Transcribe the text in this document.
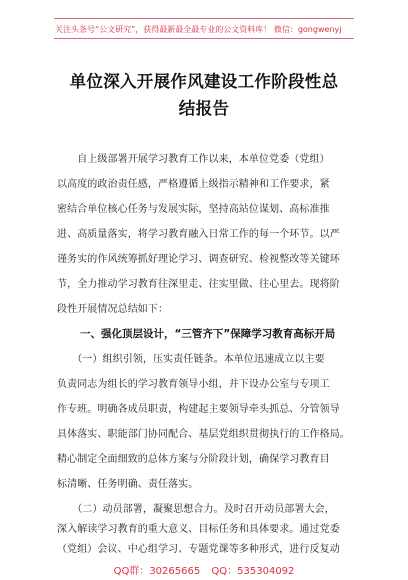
关注头条号“公文研究”，获得最新最全最专业的公文资料库！ 微信：gongwenyj
单位深入开展作风建设工作阶段性总
结报告
　　自上级部署开展学习教育工作以来，本单位党委（党组）
以高度的政治责任感，严格遵循上级指示精神和工作要求，紧
密结合单位核心任务与发展实际，坚持高站位谋划、高标准推
进、高质量落实，将学习教育融入日常工作的每一个环节。以严
谨务实的作风统筹抓好理论学习、调查研究、检视整改等关键环
节，全力推动学习教育往深里走、往实里做、往心里去。现将阶
段性开展情况总结如下：
一、强化顶层设计，“三管齐下”保障学习教育高标开局
　　（一）组织引领，压实责任链条。本单位迅速成立以主要
负责同志为组长的学习教育领导小组，并下设办公室与专项工
作专班。明确各成员职责，构建起主要领导牵头抓总、分管领导
具体落实、职能部门协同配合、基层党组织贯彻执行的工作格局。
精心制定全面细致的总体方案与分阶段计划，确保学习教育目
标清晰、任务明确、责任落实。
　　（二）动员部署，凝聚思想合力。及时召开动员部署大会，
深入解读学习教育的重大意义、目标任务和具体要求。通过党委
（党组）会议、中心组学习、专题党课等多种形式，进行反复动
QQ群：30265665 QQ：535304092
